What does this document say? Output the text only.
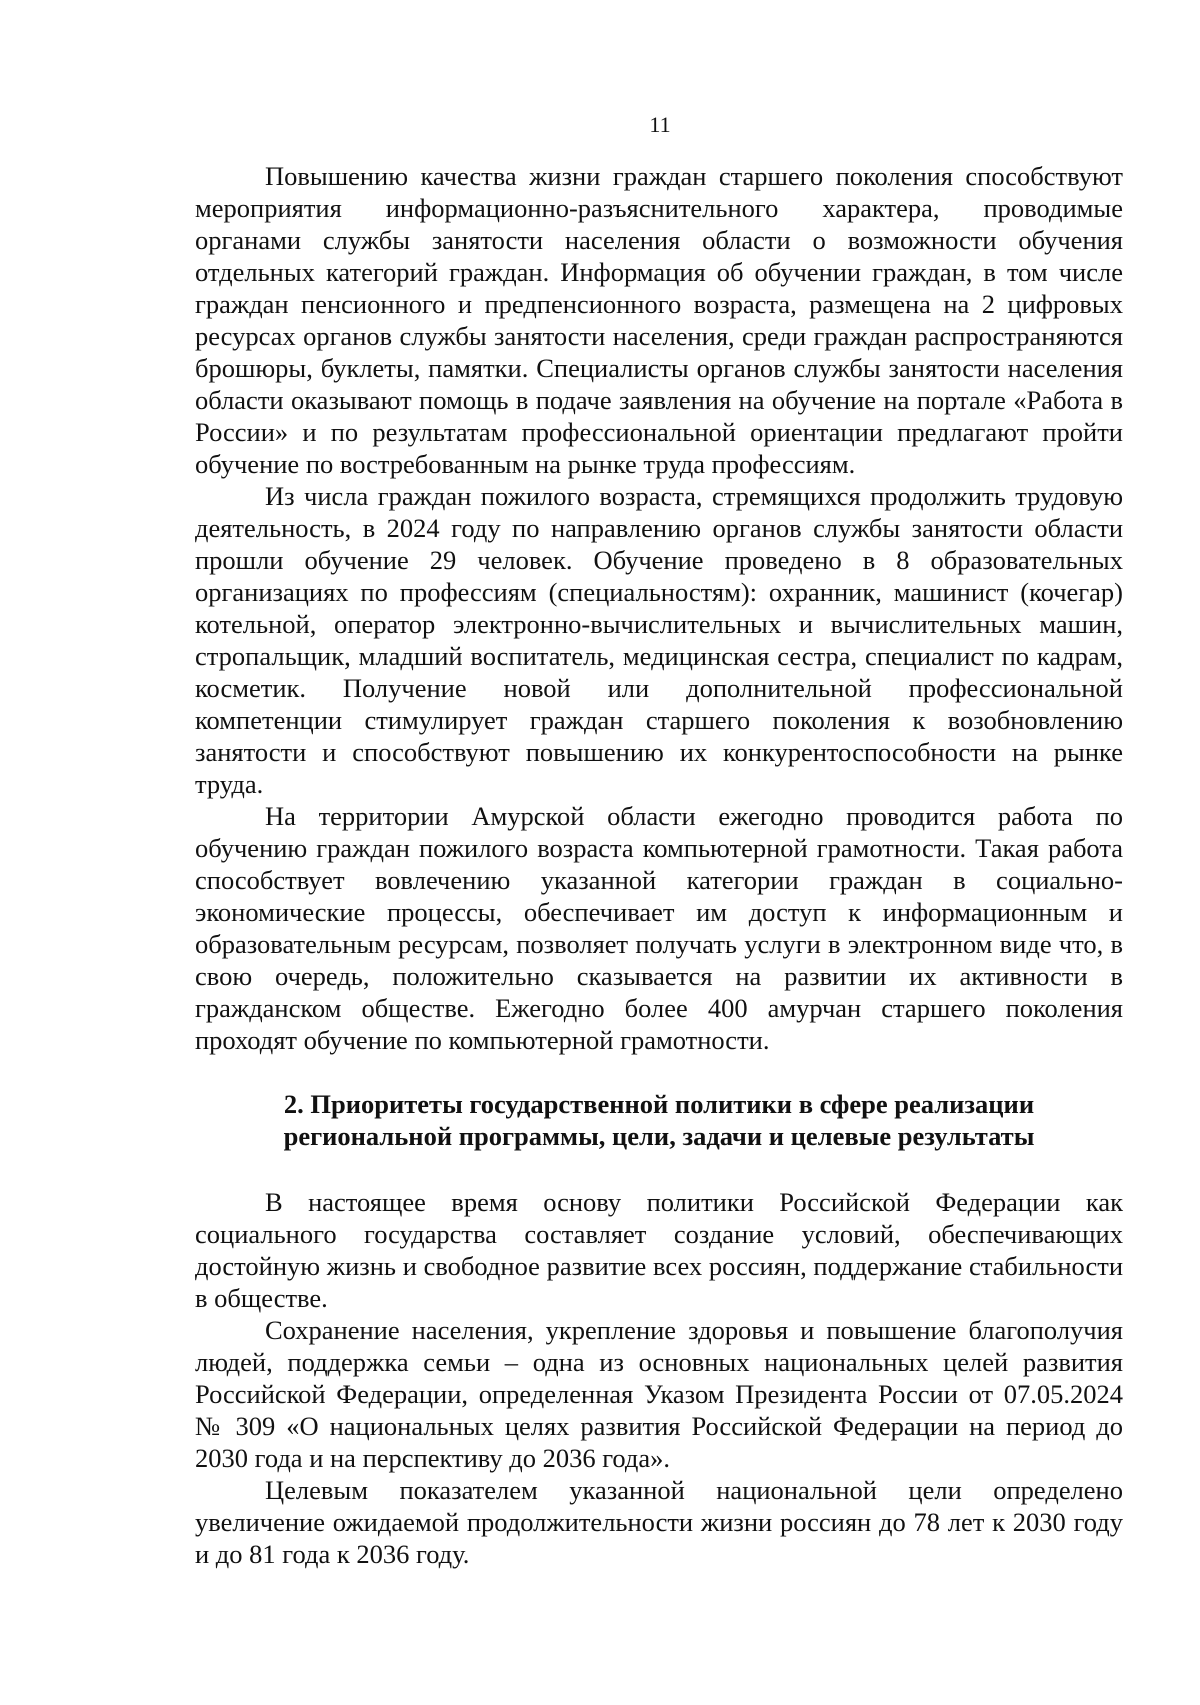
11

Повышению качества жизни граждан старшего поколения способствуют мероприятия информационно-разъяснительного характера, проводимые органами службы занятости населения области о возможности обучения отдельных категорий граждан. Информация об обучении граждан, в том числе граждан пенсионного и предпенсионного возраста, размещена на 2 цифровых ресурсах органов службы занятости населения, среди граждан распространяются брошюры, буклеты, памятки. Специалисты органов службы занятости населения области оказывают помощь в подаче заявления на обучение на портале «Работа в России» и по результатам профессиональной ориентации предлагают пройти обучение по востребованным на рынке труда профессиям.

Из числа граждан пожилого возраста, стремящихся продолжить трудовую деятельность, в 2024 году по направлению органов службы занятости области прошли обучение 29 человек. Обучение проведено в 8 образовательных организациях по профессиям (специальностям): охранник, машинист (кочегар) котельной, оператор электронно-вычислительных и вычислительных машин, стропальщик, младший воспитатель, медицинская сестра, специалист по кадрам, косметик. Получение новой или дополнительной профессиональной компетенции стимулирует граждан старшего поколения к возобновлению занятости и способствуют повышению их конкурентоспособности на рынке труда.

На территории Амурской области ежегодно проводится работа по обучению граждан пожилого возраста компьютерной грамотности. Такая работа способствует вовлечению указанной категории граждан в социально-экономические процессы, обеспечивает им доступ к информационным и образовательным ресурсам, позволяет получать услуги в электронном виде что, в свою очередь, положительно сказывается на развитии их активности в гражданском обществе. Ежегодно более 400 амурчан старшего поколения проходят обучение по компьютерной грамотности.

2. Приоритеты государственной политики в сфере реализации
региональной программы, цели, задачи и целевые результаты

В настоящее время основу политики Российской Федерации как социального государства составляет создание условий, обеспечивающих достойную жизнь и свободное развитие всех россиян, поддержание стабильности в обществе.

Сохранение населения, укрепление здоровья и повышение благополучия людей, поддержка семьи – одна из основных национальных целей развития Российской Федерации, определенная Указом Президента России от 07.05.2024 № 309 «О национальных целях развития Российской Федерации на период до 2030 года и на перспективу до 2036 года».

Целевым показателем указанной национальной цели определено увеличение ожидаемой продолжительности жизни россиян до 78 лет к 2030 году и до 81 года к 2036 году.
